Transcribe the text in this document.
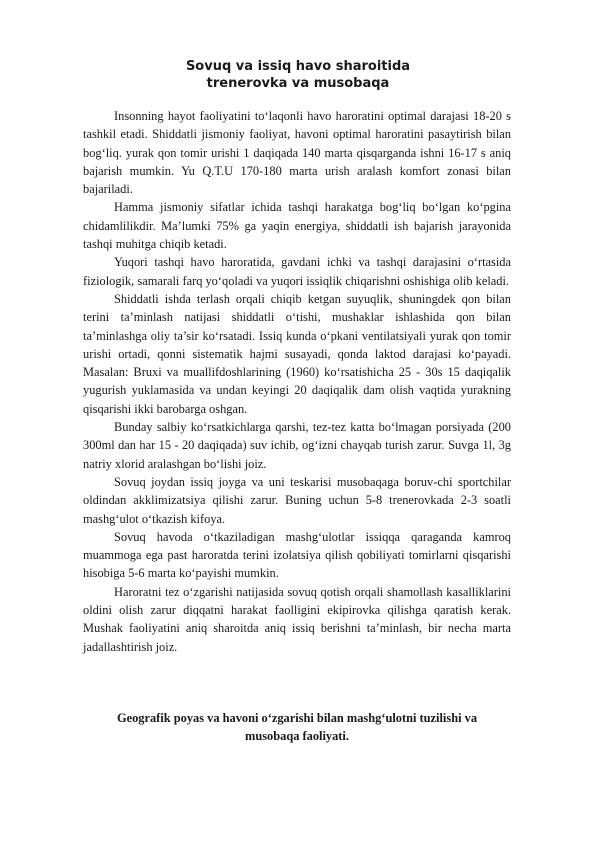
Sovuq va issiq havo sharoitida
trenerovka va musobaqa

Insonning hayot faoliyatini to‘laqonli havo haroratini optimal darajasi 18-20 s tashkil etadi. Shiddatli jismoniy faoliyat, havoni optimal haroratini pasaytirish bilan bog‘liq. yurak qon tomir urishi 1 daqiqada 140 marta qisqarganda ishni 16-17 s aniq bajarish mumkin. Yu Q.T.U 170-180 marta urish aralash komfort zonasi bilan bajariladi.

Hamma jismoniy sifatlar ichida tashqi harakatga bog‘liq bo‘lgan ko‘pgina chidamlilikdir. Ma’lumki 75% ga yaqin energiya, shiddatli ish bajarish jarayonida tashqi muhitga chiqib ketadi.

Yuqori tashqi havo haroratida, gavdani ichki va tashqi darajasini o‘rtasida fiziologik, samarali farq yo‘qoladi va yuqori issiqlik chiqarishni oshishiga olib keladi.

Shiddatli ishda terlash orqali chiqib ketgan suyuqlik, shuningdek qon bilan terini ta’minlash natijasi shiddatli o‘tishi, mushaklar ishlashida qon bilan ta’minlashga oliy ta’sir ko‘rsatadi. Issiq kunda o‘pkani ventilatsiyali yurak qon tomir urishi ortadi, qonni sistematik hajmi susayadi, qonda laktod darajasi ko‘payadi. Masalan: Bruxi va muallifdoshlarining (1960) ko‘rsatishicha 25 - 30s 15 daqiqalik yugurish yuklamasida va undan keyingi 20 daqiqalik dam olish vaqtida yurakning qisqarishi ikki barobarga oshgan.

Bunday salbiy ko‘rsatkichlarga qarshi, tez-tez katta bo‘lmagan porsiyada (200 300ml dan har 15 - 20 daqiqada) suv ichib, og‘izni chayqab turish zarur. Suvga 1l, 3g natriy xlorid aralashgan bo‘lishi joiz.

Sovuq joydan issiq joyga va uni teskarisi musobaqaga boruv-chi sportchilar oldindan akklimizatsiya qilishi zarur. Buning uchun 5-8 trenerovkada 2-3 soatli mashg‘ulot o‘tkazish kifoya.

Sovuq havoda o‘tkaziladigan mashg‘ulotlar issiqqa qaraganda kamroq muammoga ega past haroratda terini izolatsiya qilish qobiliyati tomirlarni qisqarishi hisobiga 5-6 marta ko‘payishi mumkin.

Haroratni tez o‘zgarishi natijasida sovuq qotish orqali shamollash kasalliklarini oldini olish zarur diqqatni harakat faolligini ekipirovka qilishga qaratish kerak. Mushak faoliyatini aniq sharoitda aniq issiq berishni ta’minlash, bir necha marta jadallashtirish joiz.

Geografik poyas va havoni o‘zgarishi bilan mashg‘ulotni tuzilishi va
musobaqa faoliyati.
